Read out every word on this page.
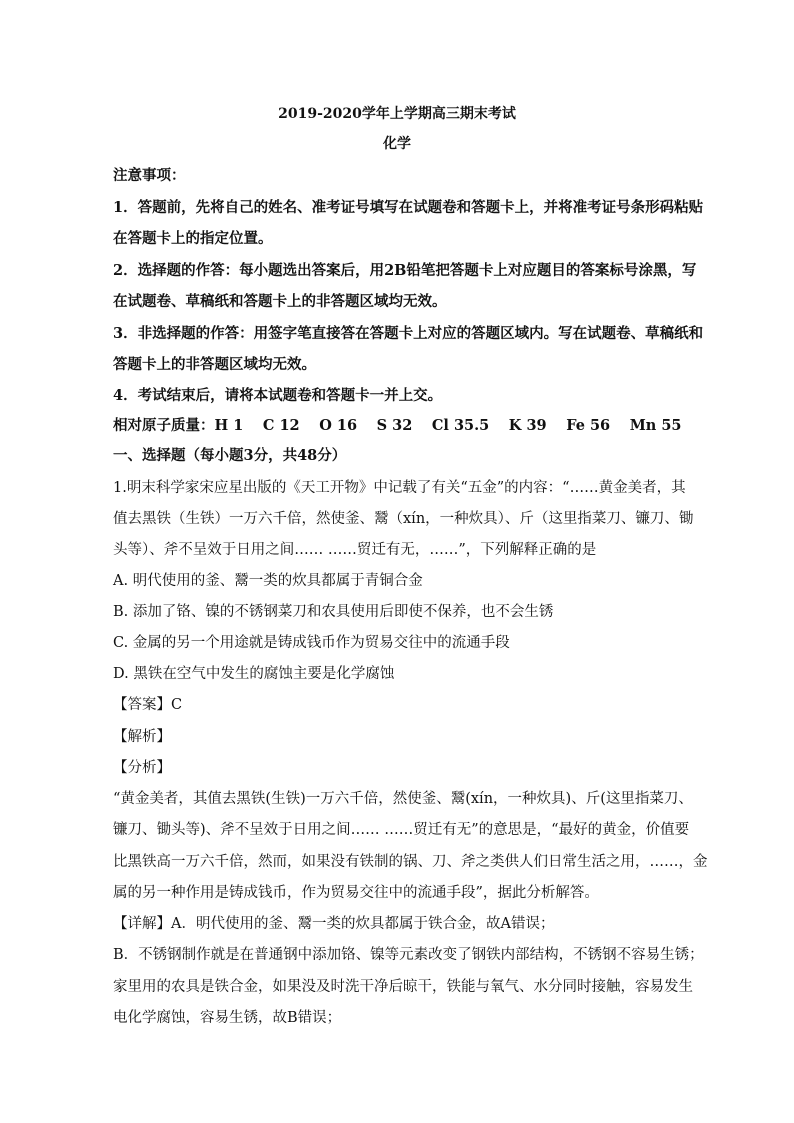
2019-2020学年上学期高三期末考试
化学
注意事项：
1．答题前，先将自己的姓名、准考证号填写在试题卷和答题卡上，并将准考证号条形码粘贴
在答题卡上的指定位置。
2．选择题的作答：每小题选出答案后，用2B铅笔把答题卡上对应题目的答案标号涂黑，写
在试题卷、草稿纸和答题卡上的非答题区域均无效。
3．非选择题的作答：用签字笔直接答在答题卡上对应的答题区域内。写在试题卷、草稿纸和
答题卡上的非答题区域均无效。
4．考试结束后，请将本试题卷和答题卡一并上交。
相对原子质量：H 1　 C 12　 O 16　 S 32　 Cl 35.5　 K 39　 Fe 56　 Mn 55
一、选择题（每小题3分，共48分）
1.明末科学家宋应星出版的《天工开物》中记载了有关“五金”的内容：“……黄金美者，其
值去黑铁（生铁）一万六千倍，然使釜、鬵（xín，一种炊具）、斤（这里指菜刀、镰刀、锄
头等）、斧不呈效于日用之间…… ……贸迁有无，……”，下列解释正确的是
A. 明代使用的釜、鬵一类的炊具都属于青铜合金
B. 添加了铬、镍的不锈钢菜刀和农具使用后即使不保养，也不会生锈
C. 金属的另一个用途就是铸成钱币作为贸易交往中的流通手段
D. 黑铁在空气中发生的腐蚀主要是化学腐蚀
【答案】C
【解析】
【分析】
“黄金美者，其值去黑铁(生铁)一万六千倍，然使釜、鬵(xín，一种炊具)、斤(这里指菜刀、
镰刀、锄头等)、斧不呈效于日用之间…… ……贸迁有无”的意思是，“最好的黄金，价值要
比黑铁高一万六千倍，然而，如果没有铁制的锅、刀、斧之类供人们日常生活之用，……，金
属的另一种作用是铸成钱币，作为贸易交往中的流通手段”，据此分析解答。
【详解】A．明代使用的釜、鬵一类的炊具都属于铁合金，故A错误；
B．不锈钢制作就是在普通钢中添加铬、镍等元素改变了钢铁内部结构，不锈钢不容易生锈；
家里用的农具是铁合金，如果没及时洗干净后晾干，铁能与氧气、水分同时接触，容易发生
电化学腐蚀，容易生锈，故B错误；
